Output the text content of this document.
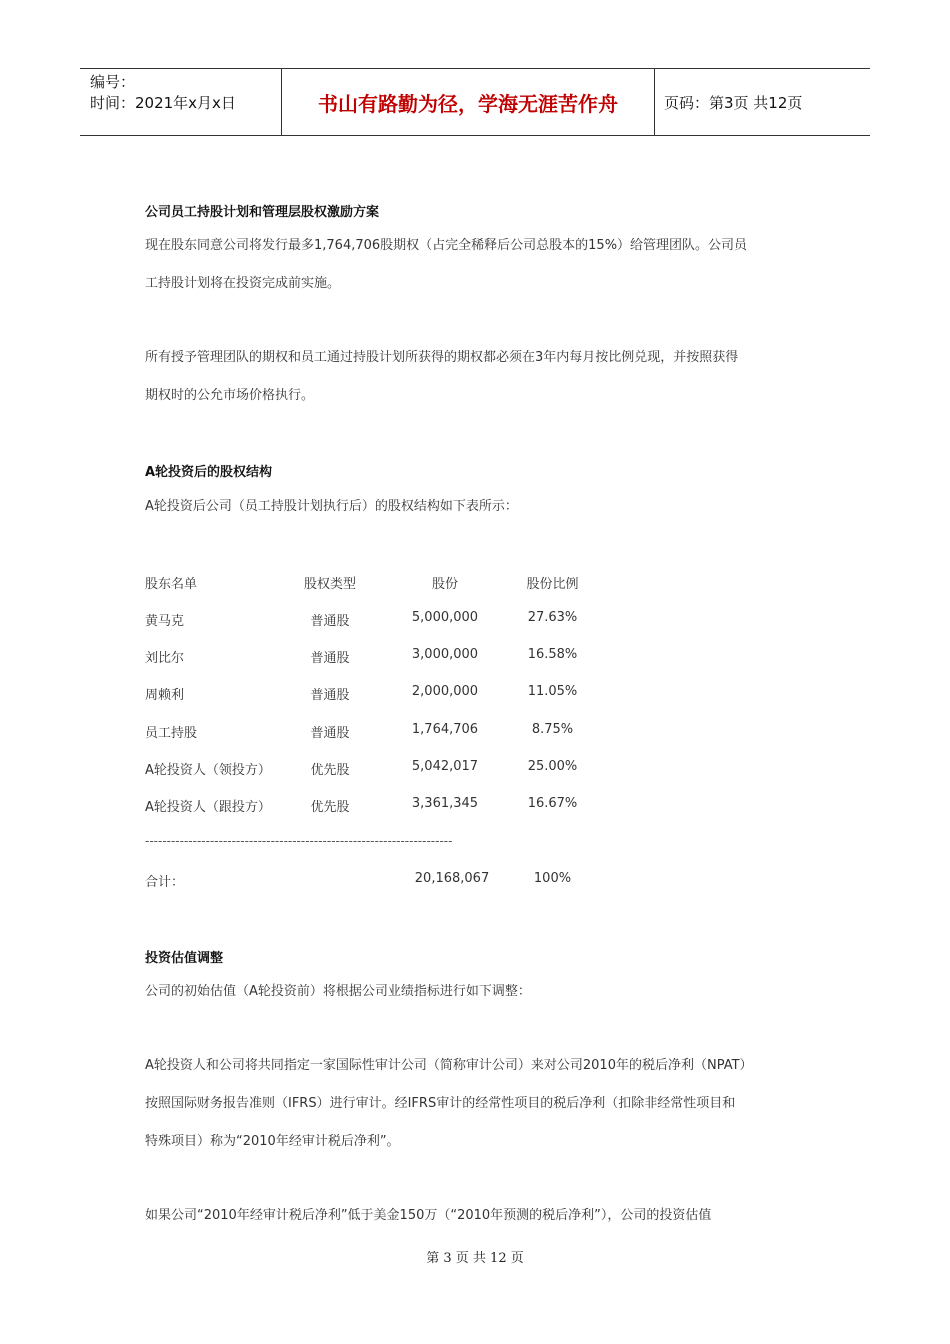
编号：
时间：2021年x月x日	书山有路勤为径，学海无涯苦作舟	页码：第3页 共12页
公司员工持股计划和管理层股权激励方案

现在股东同意公司将发行最多1,764,706股期权（占完全稀释后公司总股本的15%）给管理团队。公司员

工持股计划将在投资完成前实施。

所有授予管理团队的期权和员工通过持股计划所获得的期权都必须在3年内每月按比例兑现，并按照获得

期权时的公允市场价格执行。

A轮投资后的股权结构

A轮投资后公司（员工持股计划执行后）的股权结构如下表所示：

股东名单	股权类型	股份	股份比例
黄马克	普通股	5,000,000	27.63%
刘比尔	普通股	3,000,000	16.58%
周赖利	普通股	2,000,000	11.05%
员工持股	普通股	1,764,706	8.75%
A轮投资人（领投方）	优先股	5,042,017	25.00%
A轮投资人（跟投方）	优先股	3,361,345	16.67%
-----------------------------------------------------------------------
合计：	20,168,067	100%
投资估值调整

公司的初始估值（A轮投资前）将根据公司业绩指标进行如下调整：

A轮投资人和公司将共同指定一家国际性审计公司（简称审计公司）来对公司2010年的税后净利（NPAT）

按照国际财务报告准则（IFRS）进行审计。经IFRS审计的经常性项目的税后净利（扣除非经常性项目和

特殊项目）称为“2010年经审计税后净利”。

如果公司“2010年经审计税后净利”低于美金150万（“2010年预测的税后净利”），公司的投资估值

第 3 页 共 12 页
